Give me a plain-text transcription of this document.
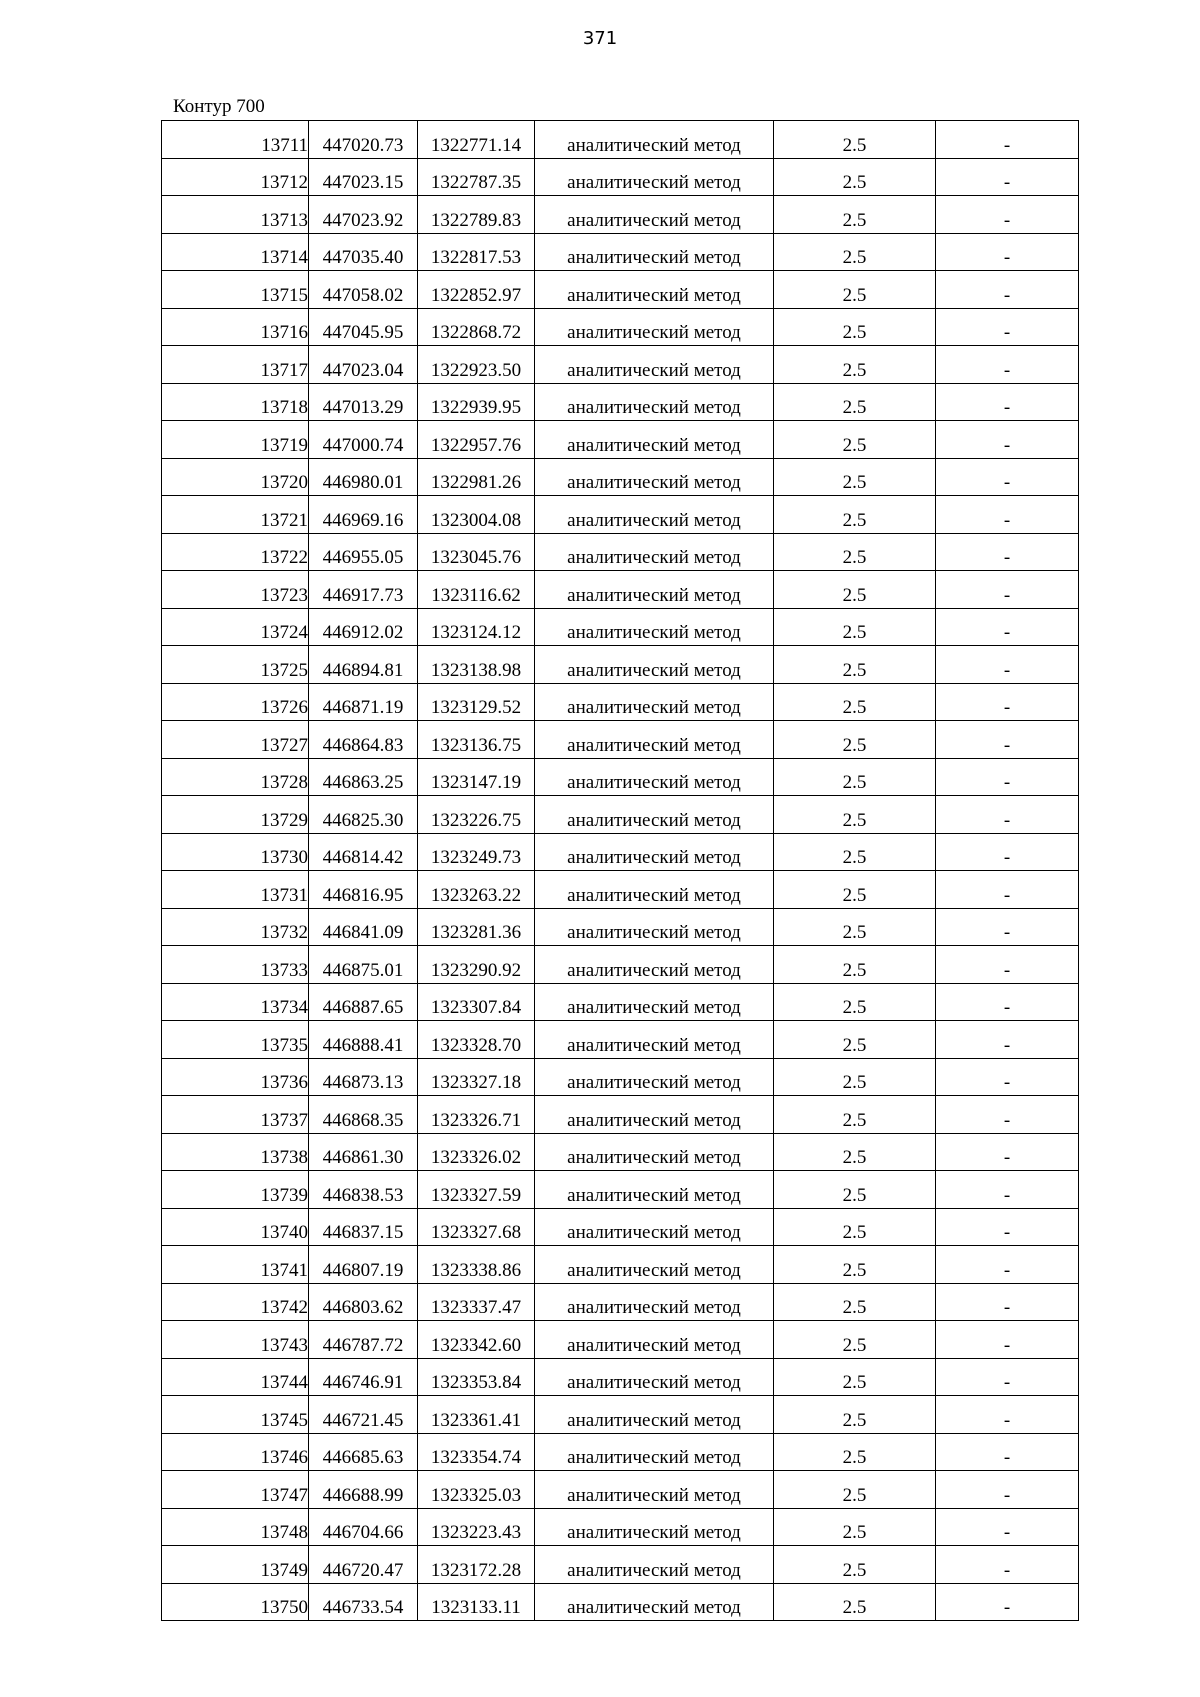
371
Контур 700
13711	447020.73	1322771.14	аналитический метод	2.5	-
13712	447023.15	1322787.35	аналитический метод	2.5	-
13713	447023.92	1322789.83	аналитический метод	2.5	-
13714	447035.40	1322817.53	аналитический метод	2.5	-
13715	447058.02	1322852.97	аналитический метод	2.5	-
13716	447045.95	1322868.72	аналитический метод	2.5	-
13717	447023.04	1322923.50	аналитический метод	2.5	-
13718	447013.29	1322939.95	аналитический метод	2.5	-
13719	447000.74	1322957.76	аналитический метод	2.5	-
13720	446980.01	1322981.26	аналитический метод	2.5	-
13721	446969.16	1323004.08	аналитический метод	2.5	-
13722	446955.05	1323045.76	аналитический метод	2.5	-
13723	446917.73	1323116.62	аналитический метод	2.5	-
13724	446912.02	1323124.12	аналитический метод	2.5	-
13725	446894.81	1323138.98	аналитический метод	2.5	-
13726	446871.19	1323129.52	аналитический метод	2.5	-
13727	446864.83	1323136.75	аналитический метод	2.5	-
13728	446863.25	1323147.19	аналитический метод	2.5	-
13729	446825.30	1323226.75	аналитический метод	2.5	-
13730	446814.42	1323249.73	аналитический метод	2.5	-
13731	446816.95	1323263.22	аналитический метод	2.5	-
13732	446841.09	1323281.36	аналитический метод	2.5	-
13733	446875.01	1323290.92	аналитический метод	2.5	-
13734	446887.65	1323307.84	аналитический метод	2.5	-
13735	446888.41	1323328.70	аналитический метод	2.5	-
13736	446873.13	1323327.18	аналитический метод	2.5	-
13737	446868.35	1323326.71	аналитический метод	2.5	-
13738	446861.30	1323326.02	аналитический метод	2.5	-
13739	446838.53	1323327.59	аналитический метод	2.5	-
13740	446837.15	1323327.68	аналитический метод	2.5	-
13741	446807.19	1323338.86	аналитический метод	2.5	-
13742	446803.62	1323337.47	аналитический метод	2.5	-
13743	446787.72	1323342.60	аналитический метод	2.5	-
13744	446746.91	1323353.84	аналитический метод	2.5	-
13745	446721.45	1323361.41	аналитический метод	2.5	-
13746	446685.63	1323354.74	аналитический метод	2.5	-
13747	446688.99	1323325.03	аналитический метод	2.5	-
13748	446704.66	1323223.43	аналитический метод	2.5	-
13749	446720.47	1323172.28	аналитический метод	2.5	-
13750	446733.54	1323133.11	аналитический метод	2.5	-
